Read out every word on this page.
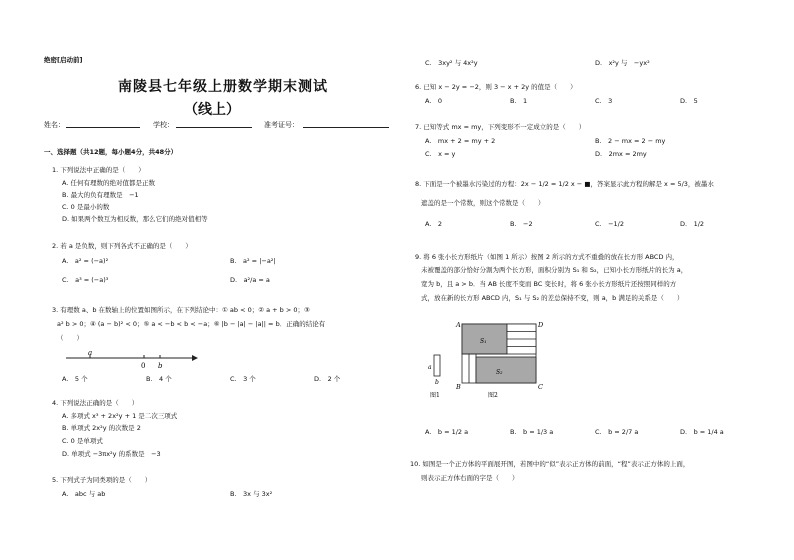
绝密[启动前]
南陵县七年级上册数学期末测试
（线上）
姓名：	学校：	准考证号：
一、选择题（共12题，每小题4分，共48分）
1. 下列说法中正确的是（　　）
A. 任何有理数的绝对值都是正数
B. 最大的负有理数是　−1
C. 0 是最小的数
D. 如果两个数互为相反数，那么它们的绝对值相等
2. 若 a 是负数，则下列各式不正确的是（　　）
A.　a² = (−a)²	B.　a² = |−a²|
C.　a³ = (−a)³	D.　a²/a = a
3. 有理数 a、b 在数轴上的位置如图所示，在下列结论中：① ab < 0；② a + b > 0；③
a² b > 0；④ (a − b)² < 0；⑤ a < −b < b < −a；⑥ |b − |a| − |a|| = b．正确的结论有
（　　）
a
0 b
A.　5 个	B.　4 个	C.　3 个	D.　2 个
4. 下列说法正确的是（　　）
A. 多项式 x³ + 2x²y + 1 是二次三项式
B. 单项式 2x²y 的次数是 2
C. 0 是单项式
D. 单项式 −3πx²y 的系数是　−3
5. 下列式子为同类项的是（　　）
A.　abc 与 ab	B.　3x 与 3x²
C.　3xy² 与 4x²y	D.　x²y 与　−yx²
6. 已知 x − 2y = −2，则 3 − x + 2y 的值是（　　）
A.　0	B.　1	C.　3	D.　5
7. 已知等式 mx = my，下列变形不一定成立的是（　　）
A.　mx + 2 = my + 2	B.　2 − mx = 2 − my
C.　x = y	D.　2mx = 2my
8. 下面是一个被墨水污染过的方程：2x − 1/2 = 1/2 x − ■，答案显示此方程的解是 x = 5/3，被墨水
遮盖的是一个常数，则这个常数是（　　）
A.　2	B.　−2	C.　−1/2	D.　1/2
9. 将 6 张小长方形纸片（如图 1 所示）按图 2 所示的方式不重叠的放在长方形 ABCD 内，
未被覆盖的部分恰好分割为两个长方形，面积分别为 S₁ 和 S₂，已知小长方形纸片的长为 a，
宽为 b，且 a > b．当 AB 长度不变而 BC 变长时，将 6 张小长方形纸片还按照同样的方
式，放在新的长方形 ABCD 内，S₁ 与 S₂ 的差总保持不变，则 a，b 满足的关系是（　　）
a
b
图1
S₁
S₂
A	D
B	C
图2
A.　b = 1/2 a	B.　b = 1/3 a	C.　b = 2/7 a	D.　b = 1/4 a
10. 如图是一个正方体的平面展开图，若图中的“似”表示正方体的前面，“程”表示正方体的上面，
则表示正方体右面的字是（　　）
